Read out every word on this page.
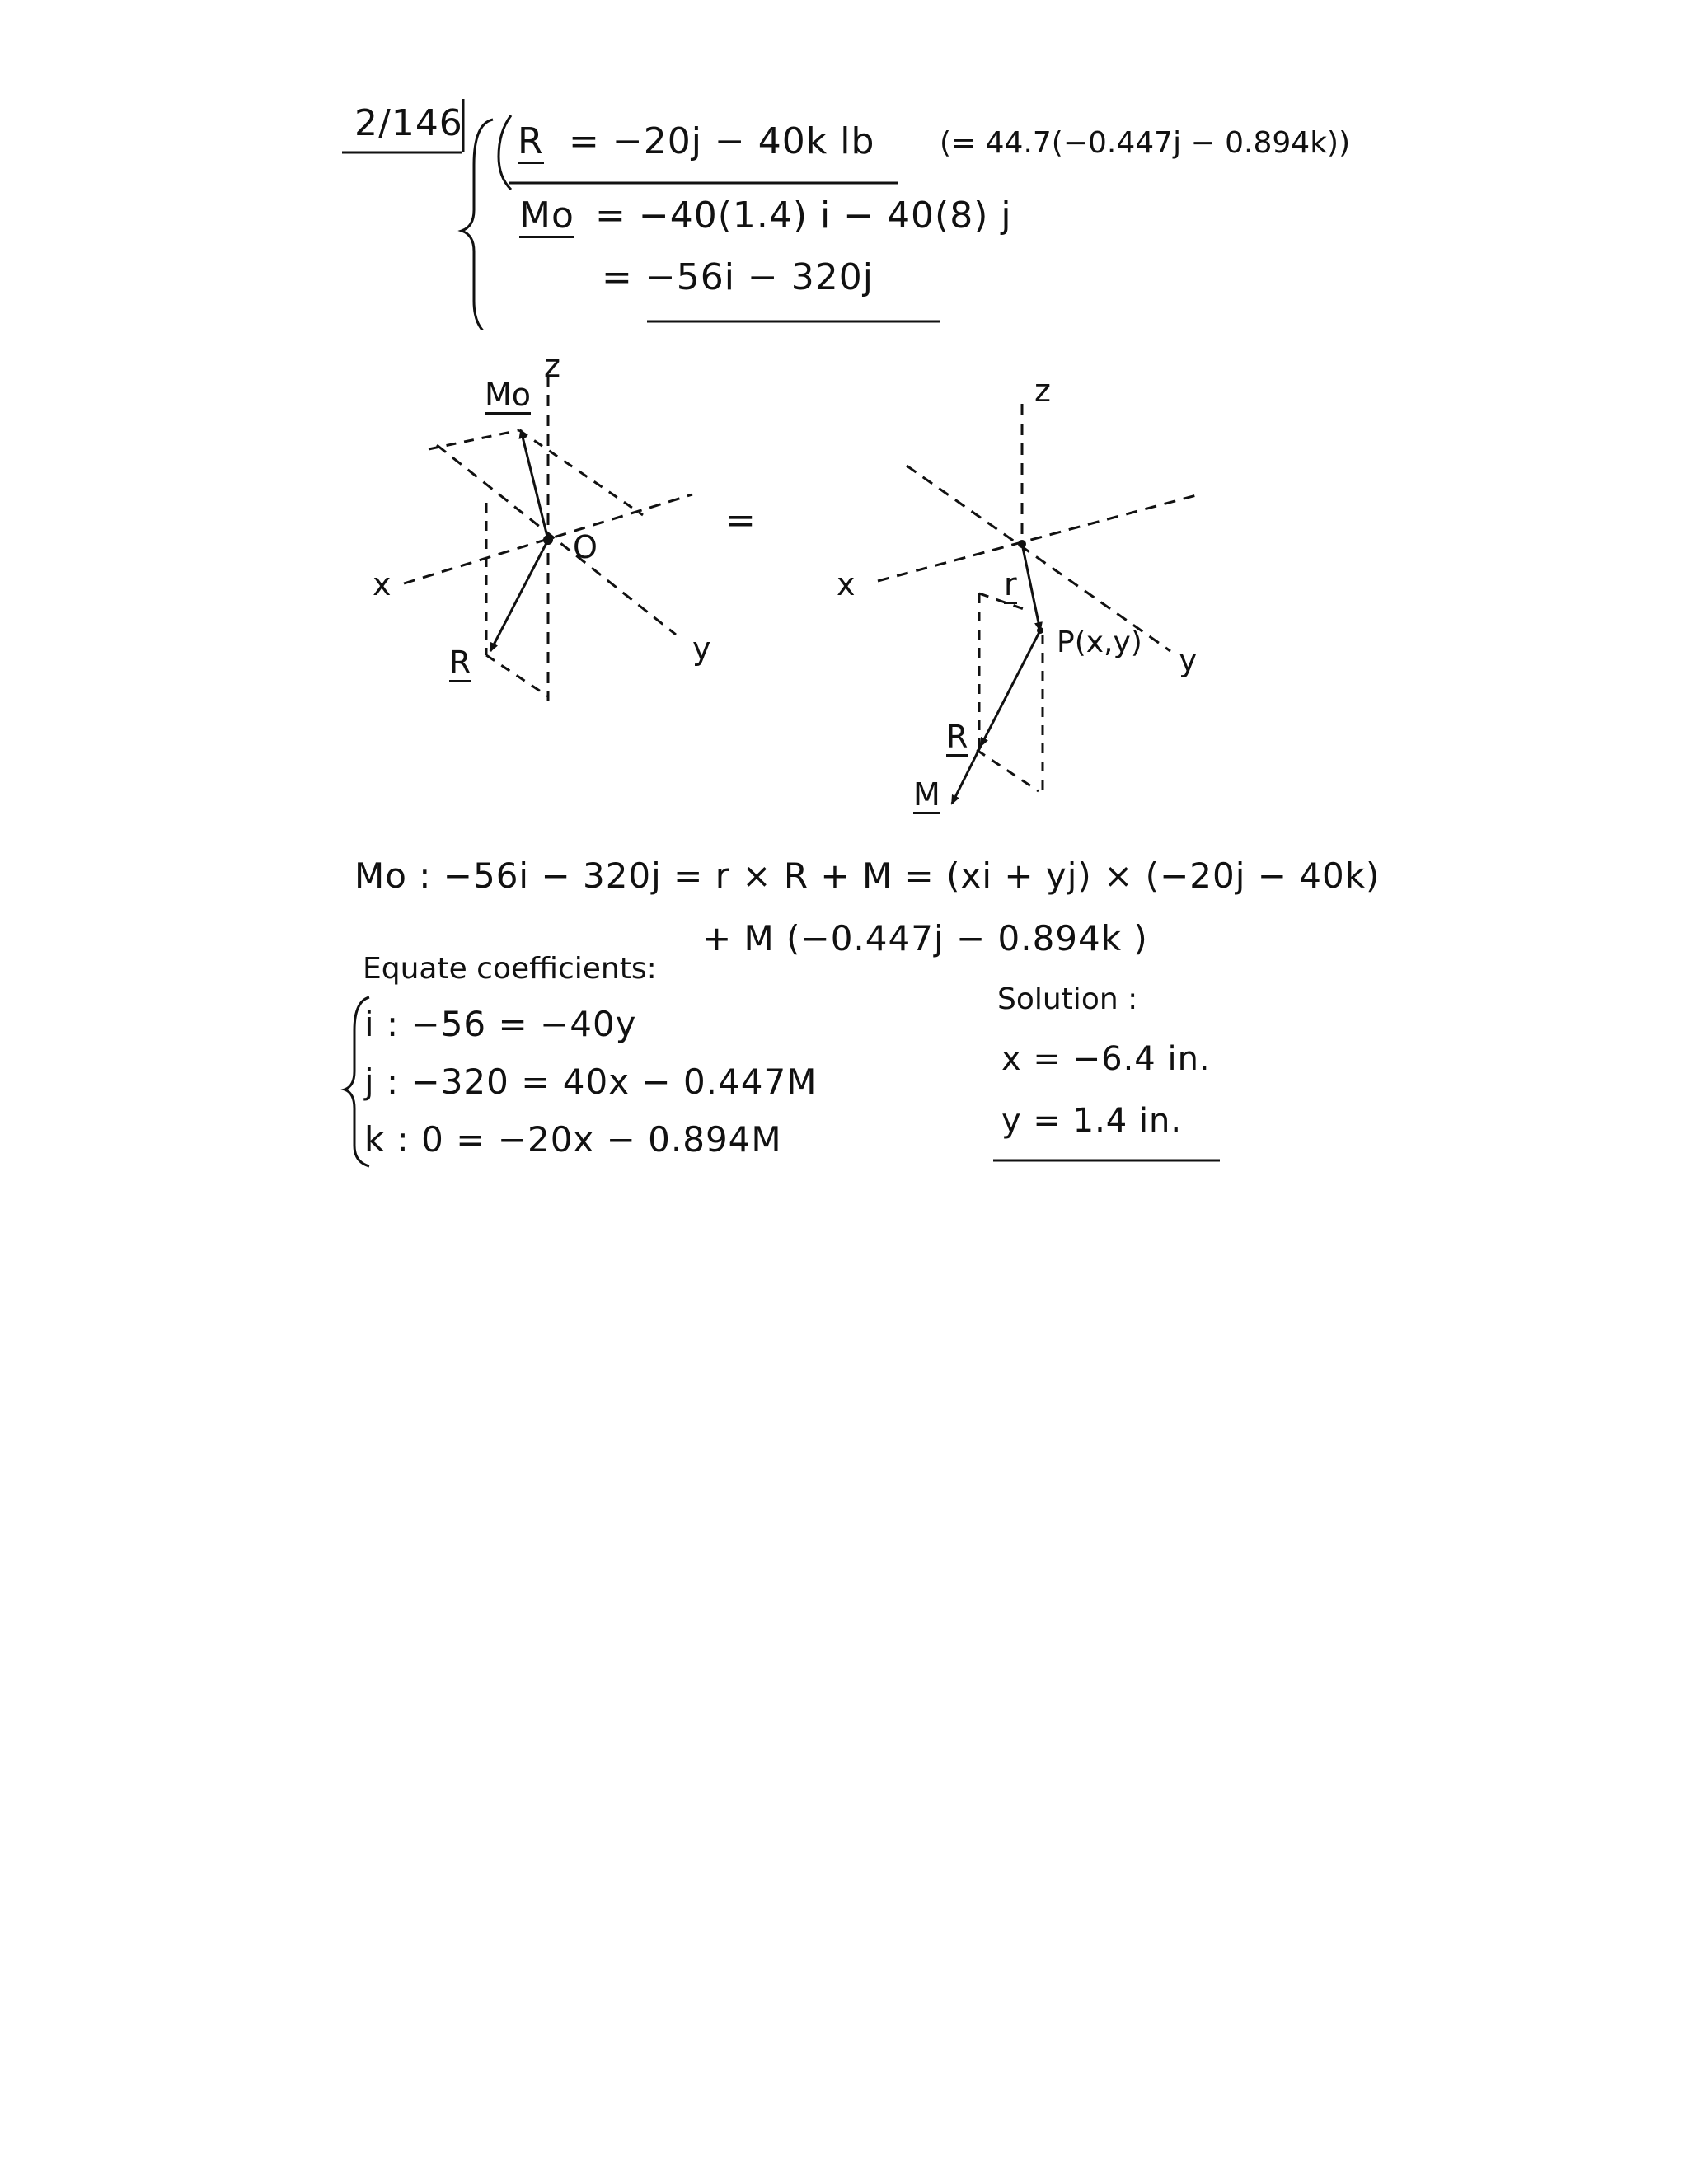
2/146 R = −20j − 40k lb (= 44.7(−0.447j − 0.894k))
Mo = −40(1.4) i − 40(8) j
= −56i − 320j
z
Mo
O
x
y
R
=
z
x	r
P(x,y) y
R
M
Mo : −56i − 320j = r × R + M = (xi + yj) × (−20j − 40k)
+ M (−0.447j − 0.894k )
Equate coefficients:
i : −56 = −40y
j : −320 = 40x − 0.447M
k : 0 = −20x − 0.894M
Solution :
x = −6.4 in.
y = 1.4 in.
